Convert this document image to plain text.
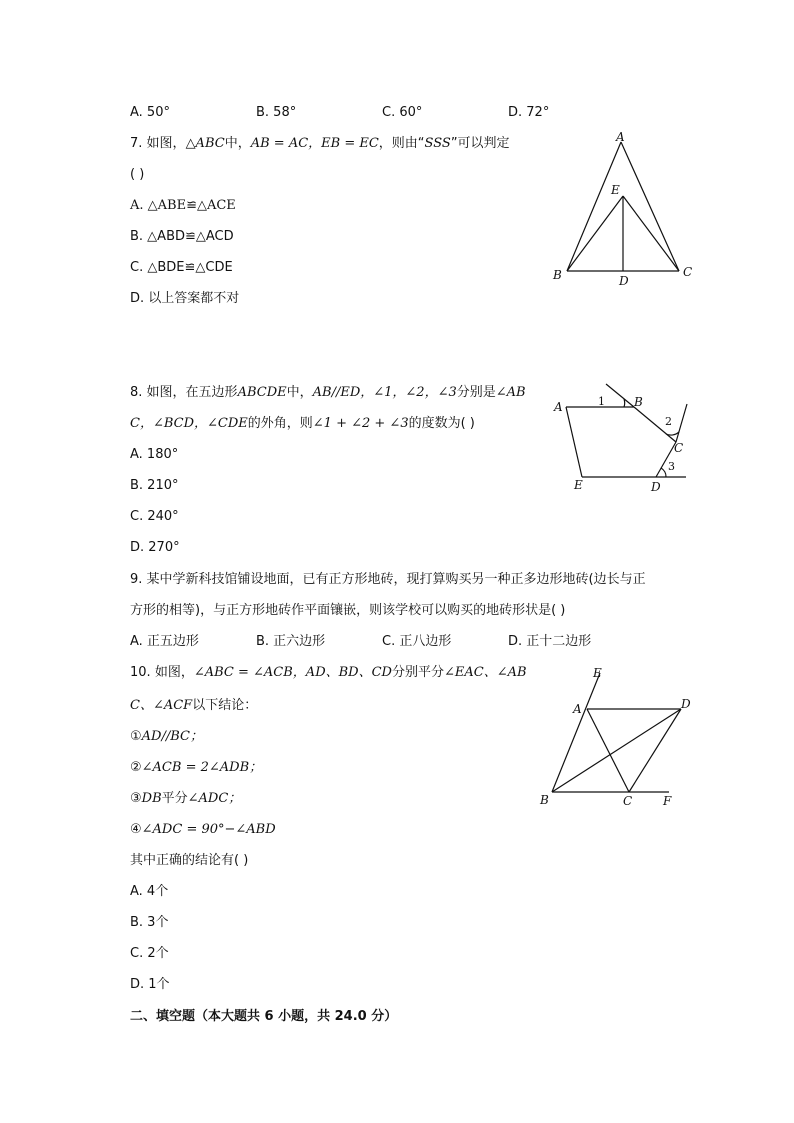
A. 50°	B. 58°	C. 60°	D. 72°
7. 如图，△ABC中，AB = AC，EB = EC，则由“SSS”可以判定
( )
A. △ABE≌△ACE
B. △ABD≌△ACD
C. △BDE≌△CDE
D. 以上答案都不对
A
E
B	D
C
8. 如图，在五边形ABCDE中，AB//ED，∠1，∠2，∠3分别是∠AB
C，∠BCD，∠CDE的外角，则∠1 + ∠2 + ∠3的度数为( )
A. 180°
B. 210°
C. 240°
D. 270°
A	B
C
D
E
1
2
3
9. 某中学新科技馆铺设地面，已有正方形地砖，现打算购买另一种正多边形地砖(边长与正
方形的相等)，与正方形地砖作平面镶嵌，则该学校可以购买的地砖形状是( )
A. 正五边形	B. 正六边形	C. 正八边形	D. 正十二边形
10. 如图，∠ABC = ∠ACB，AD、BD、CD分别平分∠EAC、∠AB
C、∠ACF以下结论：
①AD//BC；
②∠ACB = 2∠ADB；
③DB平分∠ADC；
④∠ADC = 90°−∠ABD
其中正确的结论有( )
A. 4个
B. 3个
C. 2个
D. 1个
E
A	D
B	C	F
二、填空题（本大题共 6 小题，共 24.0 分）
